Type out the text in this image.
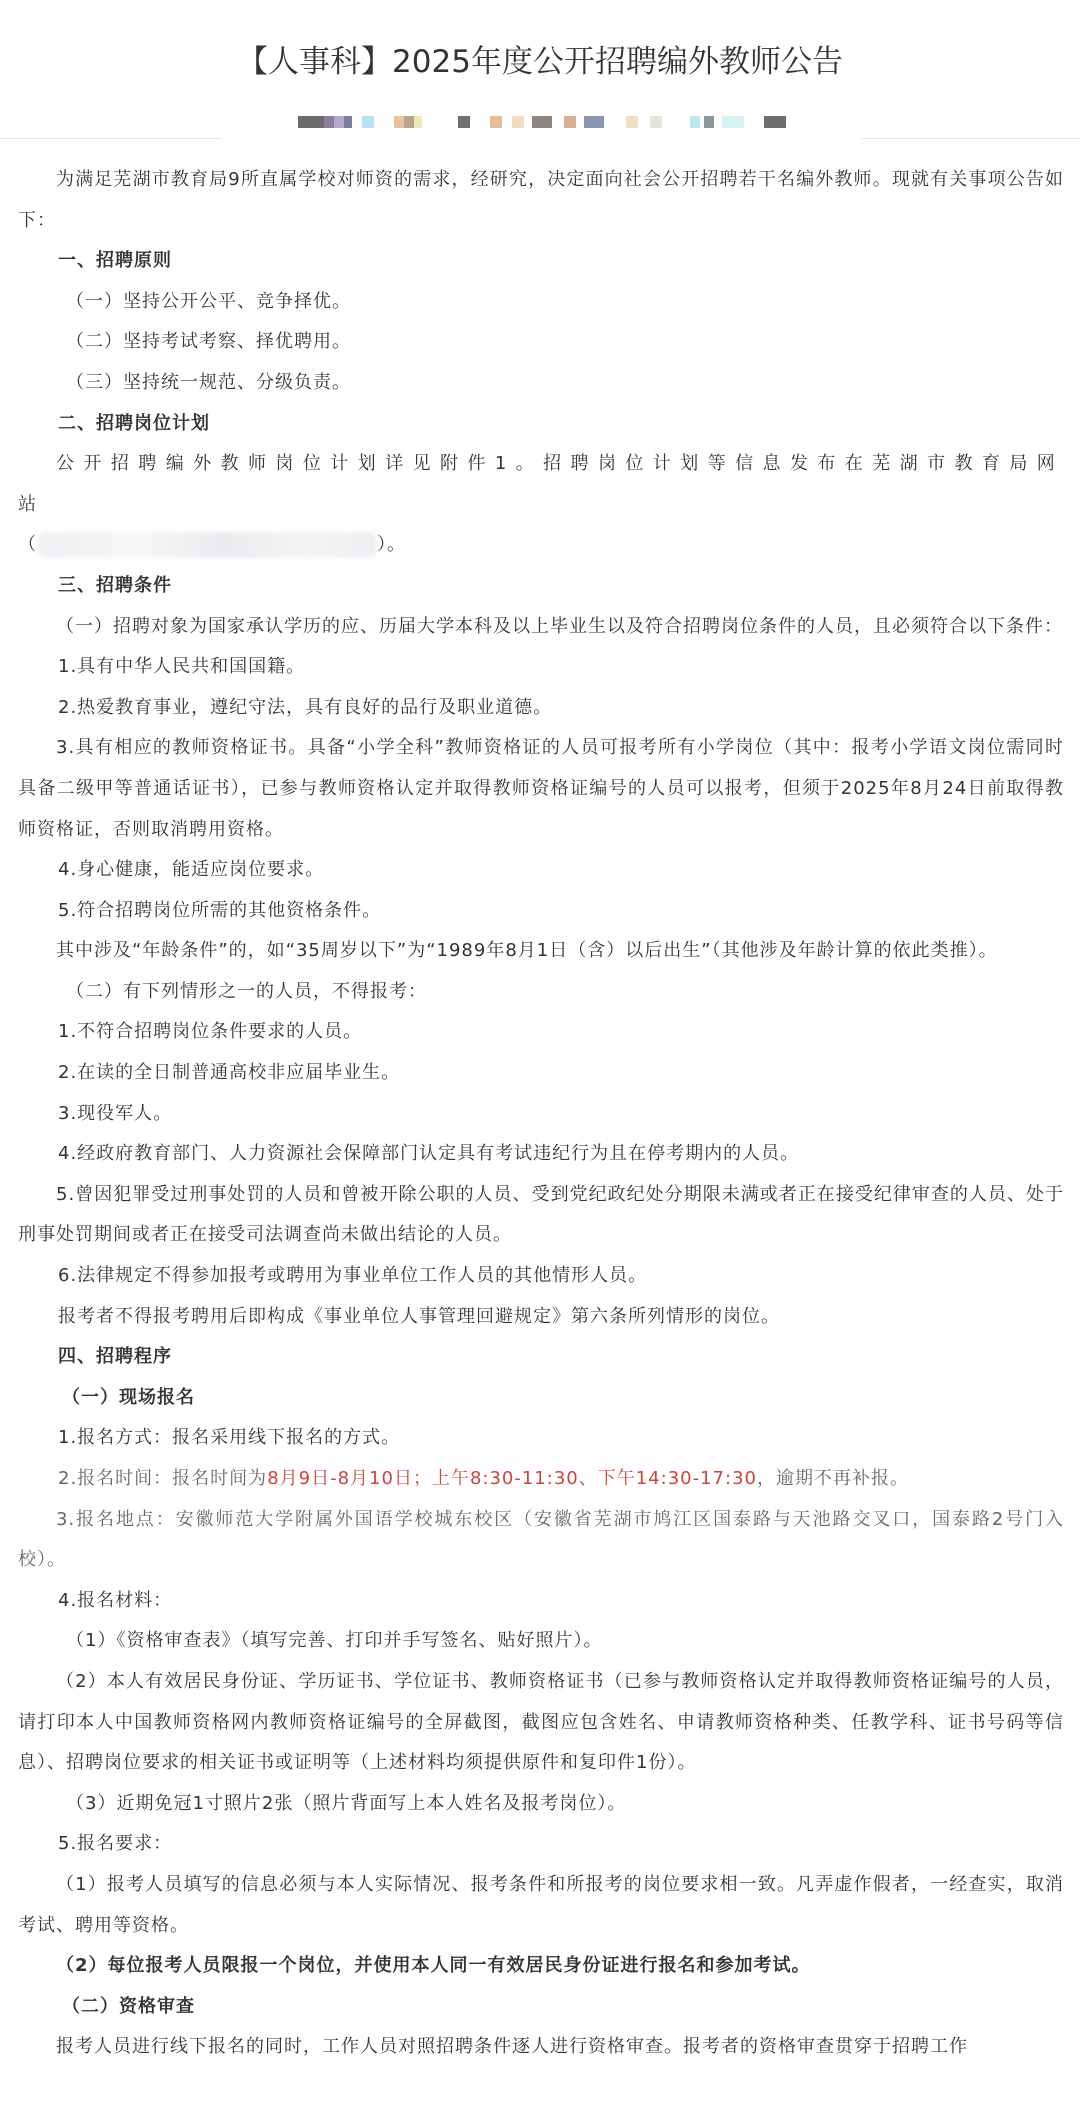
【人事科】2025年度公开招聘编外教师公告

为满足芜湖市教育局9所直属学校对师资的需求，经研究，决定面向社会公开招聘若干名编外教师。现就有关事项公告如下：

一、招聘原则

（一）坚持公开公平、竞争择优。

（二）坚持考试考察、择优聘用。

（三）坚持统一规范、分级负责。

二、招聘岗位计划

公开招聘编外教师岗位计划详见附件1。招聘岗位计划等信息发布在芜湖市教育局网站

（	）。

三、招聘条件

（一）招聘对象为国家承认学历的应、历届大学本科及以上毕业生以及符合招聘岗位条件的人员，且必须符合以下条件：

1.具有中华人民共和国国籍。

2.热爱教育事业，遵纪守法，具有良好的品行及职业道德。

3.具有相应的教师资格证书。具备“小学全科”教师资格证的人员可报考所有小学岗位（其中：报考小学语文岗位需同时具备二级甲等普通话证书），已参与教师资格认定并取得教师资格证编号的人员可以报考，但须于2025年8月24日前取得教师资格证，否则取消聘用资格。

4.身心健康，能适应岗位要求。

5.符合招聘岗位所需的其他资格条件。

其中涉及“年龄条件”的，如“35周岁以下”为“1989年8月1日（含）以后出生”（其他涉及年龄计算的依此类推）。

（二）有下列情形之一的人员，不得报考：

1.不符合招聘岗位条件要求的人员。

2.在读的全日制普通高校非应届毕业生。

3.现役军人。

4.经政府教育部门、人力资源社会保障部门认定具有考试违纪行为且在停考期内的人员。

5.曾因犯罪受过刑事处罚的人员和曾被开除公职的人员、受到党纪政纪处分期限未满或者正在接受纪律审查的人员、处于刑事处罚期间或者正在接受司法调查尚未做出结论的人员。

6.法律规定不得参加报考或聘用为事业单位工作人员的其他情形人员。

报考者不得报考聘用后即构成《事业单位人事管理回避规定》第六条所列情形的岗位。

四、招聘程序

（一）现场报名

1.报名方式：报名采用线下报名的方式。

2.报名时间：报名时间为8月9日-8月10日；上午8:30-11:30、下午14:30-17:30，逾期不再补报。

3.报名地点：安徽师范大学附属外国语学校城东校区（安徽省芜湖市鸠江区国泰路与天池路交叉口，国泰路2号门入校）。

4.报名材料：

（1）《资格审查表》（填写完善、打印并手写签名、贴好照片）。

（2）本人有效居民身份证、学历证书、学位证书、教师资格证书（已参与教师资格认定并取得教师资格证编号的人员，请打印本人中国教师资格网内教师资格证编号的全屏截图，截图应包含姓名、申请教师资格种类、任教学科、证书号码等信息）、招聘岗位要求的相关证书或证明等（上述材料均须提供原件和复印件1份）。

（3）近期免冠1寸照片2张（照片背面写上本人姓名及报考岗位）。

5.报名要求：

（1）报考人员填写的信息必须与本人实际情况、报考条件和所报考的岗位要求相一致。凡弄虚作假者，一经查实，取消考试、聘用等资格。

（2）每位报考人员限报一个岗位，并使用本人同一有效居民身份证进行报名和参加考试。

（二）资格审查

报考人员进行线下报名的同时，工作人员对照招聘条件逐人进行资格审查。报考者的资格审查贯穿于招聘工作
